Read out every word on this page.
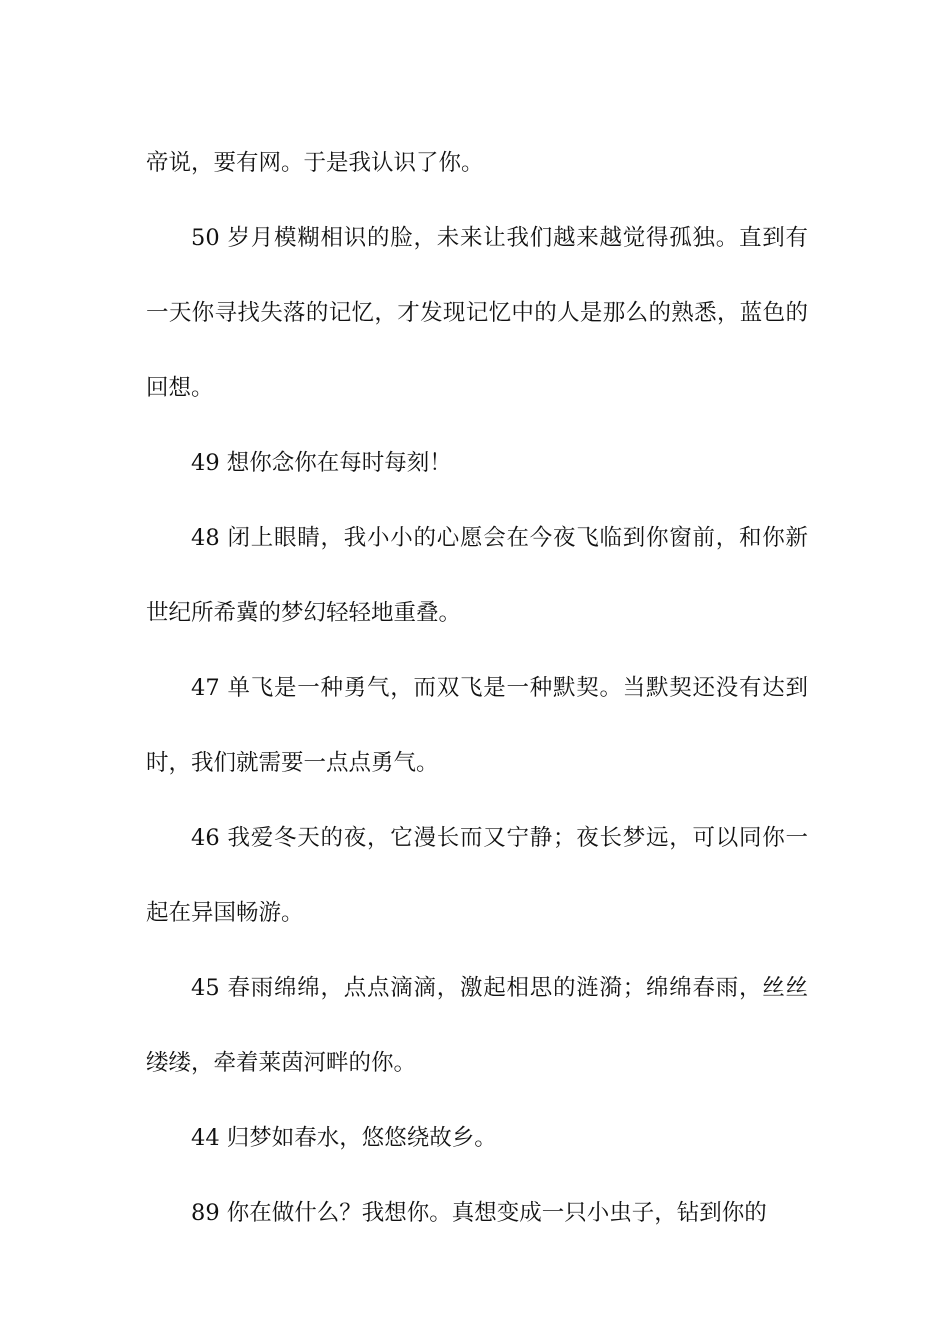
帝说，要有网。于是我认识了你。

50 岁月模糊相识的脸，未来让我们越来越觉得孤独。直到有一天你寻找失落的记忆，才发现记忆中的人是那么的熟悉，蓝色的回想。

49 想你念你在每时每刻！

48 闭上眼睛，我小小的心愿会在今夜飞临到你窗前，和你新世纪所希冀的梦幻轻轻地重叠。

47 单飞是一种勇气，而双飞是一种默契。当默契还没有达到时，我们就需要一点点勇气。

46 我爱冬天的夜，它漫长而又宁静；夜长梦远，可以同你一起在异国畅游。

45 春雨绵绵，点点滴滴，激起相思的涟漪；绵绵春雨，丝丝缕缕，牵着莱茵河畔的你。

44 归梦如春水，悠悠绕故乡。

89 你在做什么？我想你。真想变成一只小虫子，钻到你的
